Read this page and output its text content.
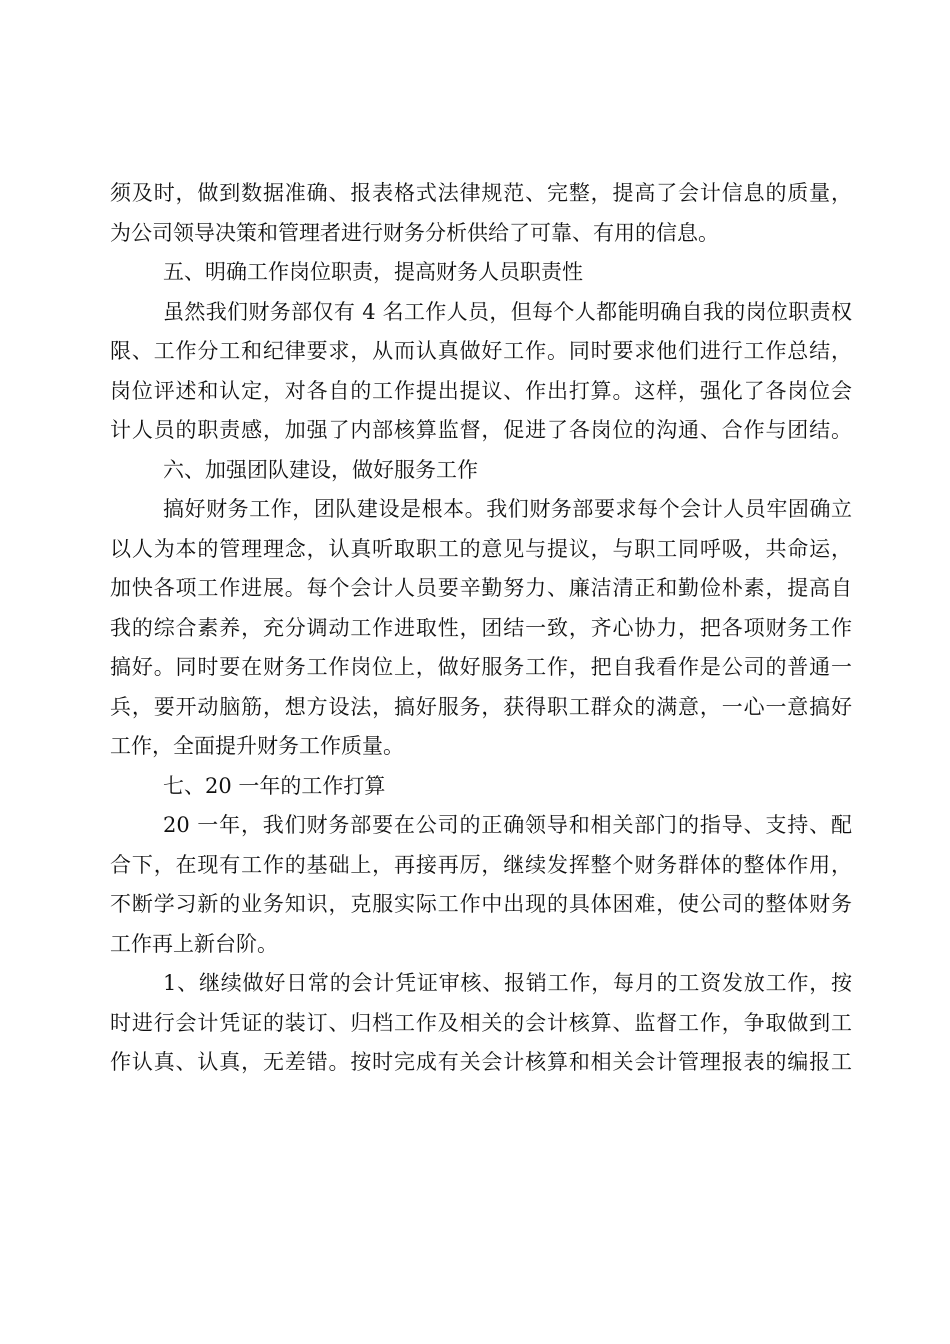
须及时，做到数据准确、报表格式法律规范、完整，提高了会计信息的质量，
为公司领导决策和管理者进行财务分析供给了可靠、有用的信息。
五、明确工作岗位职责，提高财务人员职责性
虽然我们财务部仅有 4 名工作人员，但每个人都能明确自我的岗位职责权
限、工作分工和纪律要求，从而认真做好工作。同时要求他们进行工作总结，
岗位评述和认定，对各自的工作提出提议、作出打算。这样，强化了各岗位会
计人员的职责感，加强了内部核算监督，促进了各岗位的沟通、合作与团结。
六、加强团队建设，做好服务工作
搞好财务工作，团队建设是根本。我们财务部要求每个会计人员牢固确立
以人为本的管理理念，认真听取职工的意见与提议，与职工同呼吸，共命运，
加快各项工作进展。每个会计人员要辛勤努力、廉洁清正和勤俭朴素，提高自
我的综合素养，充分调动工作进取性，团结一致，齐心协力，把各项财务工作
搞好。同时要在财务工作岗位上，做好服务工作，把自我看作是公司的普通一
兵，要开动脑筋，想方设法，搞好服务，获得职工群众的满意，一心一意搞好
工作，全面提升财务工作质量。
七、20 一年的工作打算
20 一年，我们财务部要在公司的正确领导和相关部门的指导、支持、配
合下，在现有工作的基础上，再接再厉，继续发挥整个财务群体的整体作用，
不断学习新的业务知识，克服实际工作中出现的具体困难，使公司的整体财务
工作再上新台阶。
1、继续做好日常的会计凭证审核、报销工作，每月的工资发放工作，按
时进行会计凭证的装订、归档工作及相关的会计核算、监督工作，争取做到工
作认真、认真，无差错。按时完成有关会计核算和相关会计管理报表的编报工
